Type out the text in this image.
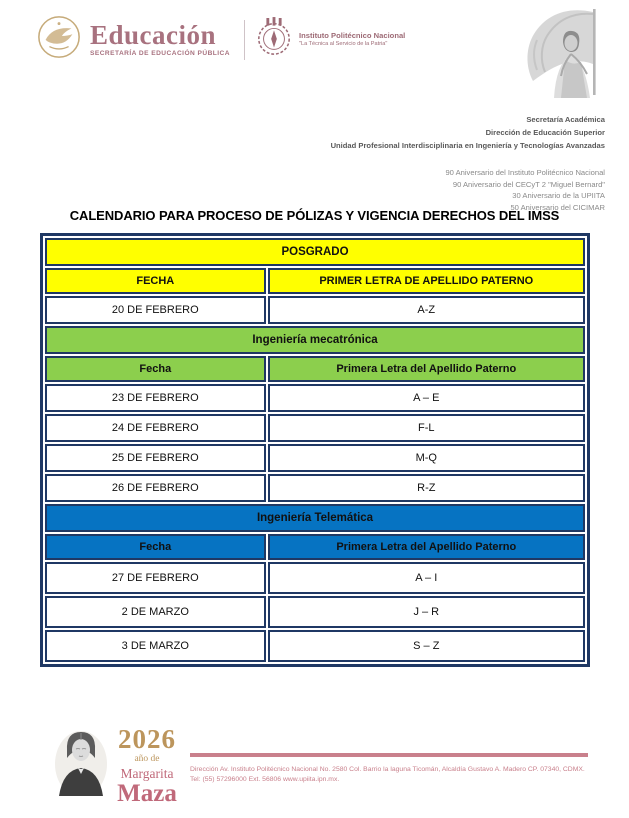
Educación
SECRETARÍA DE EDUCACIÓN PÚBLICA
Instituto Politécnico Nacional
"La Técnica al Servicio de la Patria"
Secretaría Académica
Dirección de Educación Superior
Unidad Profesional Interdisciplinaria en Ingeniería y Tecnologías Avanzadas
90 Aniversario del Instituto Politécnico Nacional
90 Aniversario del CECyT 2 "Miguel Bernard"
30 Aniversario de la UPIITA
50 Aniversario del CICIMAR
CALENDARIO PARA PROCESO DE PÓLIZAS Y VIGENCIA DERECHOS DEL IMSS
POSGRADO	
FECHA	PRIMER LETRA DE APELLIDO PATERNO
20 DE FEBRERO	A-Z
Ingeniería mecatrónica	
Fecha	Primera Letra del Apellido Paterno
23 DE FEBRERO	A – E
24 DE FEBRERO	F-L
25 DE FEBRERO	M-Q
26 DE FEBRERO	R-Z
Ingeniería Telemática	
Fecha	Primera Letra del Apellido Paterno
27 DE FEBRERO	A – I
2 DE MARZO	J – R
3 DE MARZO	S – Z
2026
año de
Margarita
Maza
Dirección Av. Instituto Politécnico Nacional No. 2580 Col. Barrio la laguna Ticomán, Alcaldía Gustavo A. Madero CP. 07340, CDMX.
Tel: (55) 57296000 Ext. 56806 www.upiita.ipn.mx.
